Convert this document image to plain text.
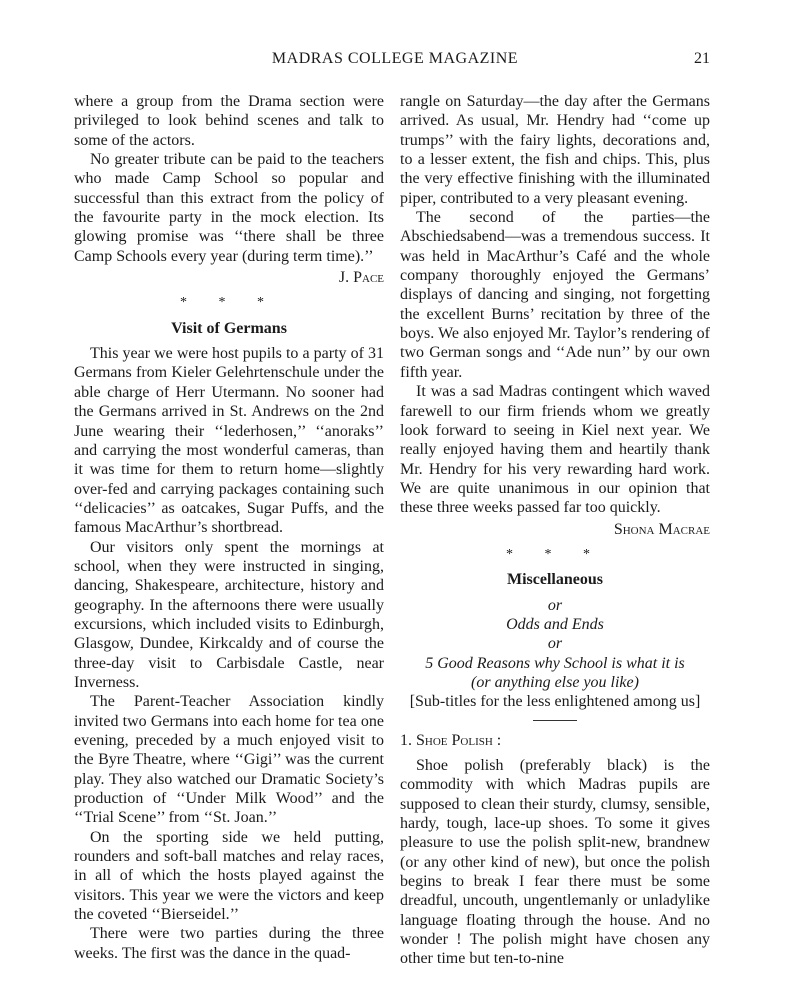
MADRAS COLLEGE MAGAZINE	21

where a group from the Drama section were privileged to look behind scenes and talk to some of the actors.

No greater tribute can be paid to the teachers who made Camp School so popular and successful than this extract from the policy of the favourite party in the mock election. Its glowing promise was ‘‘there shall be three Camp Schools every year (during term time).’’

J. Pace
* * *
Visit of Germans

This year we were host pupils to a party of 31 Germans from Kieler Gelehrtenschule under the able charge of Herr Utermann. No sooner had the Germans arrived in St. Andrews on the 2nd June wearing their ‘‘lederhosen,’’ ‘‘anoraks’’ and carrying the most wonderful cameras, than it was time for them to return home—slightly over-fed and carrying packages containing such ‘‘delicacies’’ as oatcakes, Sugar Puffs, and the famous MacArthur’s shortbread.

Our visitors only spent the mornings at school, when they were instructed in singing, dancing, Shakespeare, architecture, history and geography. In the afternoons there were usually excursions, which included visits to Edinburgh, Glasgow, Dundee, Kirkcaldy and of course the three-day visit to Carbisdale Castle, near Inverness.

The Parent-Teacher Association kindly invited two Germans into each home for tea one evening, preceded by a much enjoyed visit to the Byre Theatre, where ‘‘Gigi’’ was the current play. They also watched our Dramatic Society’s production of ‘‘Under Milk Wood’’ and the ‘‘Trial Scene’’ from ‘‘St. Joan.’’

On the sporting side we held putting, rounders and soft-ball matches and relay races, in all of which the hosts played against the visitors. This year we were the victors and keep the coveted ‘‘Bierseidel.’’

There were two parties during the three weeks. The first was the dance in the quad-

rangle on Saturday—the day after the Germans arrived. As usual, Mr. Hendry had ‘‘come up trumps’’ with the fairy lights, decorations and, to a lesser extent, the fish and chips. This, plus the very effective finishing with the illuminated piper, contributed to a very pleasant evening.

The second of the parties—the Abschiedsabend—was a tremendous success. It was held in MacArthur’s Café and the whole company thoroughly enjoyed the Germans’ displays of dancing and singing, not forgetting the excellent Burns’ recitation by three of the boys. We also enjoyed Mr. Taylor’s rendering of two German songs and ‘‘Ade nun’’ by our own fifth year.

It was a sad Madras contingent which waved farewell to our firm friends whom we greatly look forward to seeing in Kiel next year. We really enjoyed having them and heartily thank Mr. Hendry for his very rewarding hard work. We are quite unanimous in our opinion that these three weeks passed far too quickly.

Shona Macrae
* * *
Miscellaneous
or
Odds and Ends
or
5 Good Reasons why School is what it is
(or anything else you like)
[Sub-titles for the less enlightened among us]
1. Shoe Polish :

Shoe polish (preferably black) is the commodity with which Madras pupils are supposed to clean their sturdy, clumsy, sensible, hardy, tough, lace-up shoes. To some it gives pleasure to use the polish split-new, brandnew (or any other kind of new), but once the polish begins to break I fear there must be some dreadful, uncouth, ungentlemanly or unladylike language floating through the house. And no wonder ! The polish might have chosen any other time but ten-to-nine
